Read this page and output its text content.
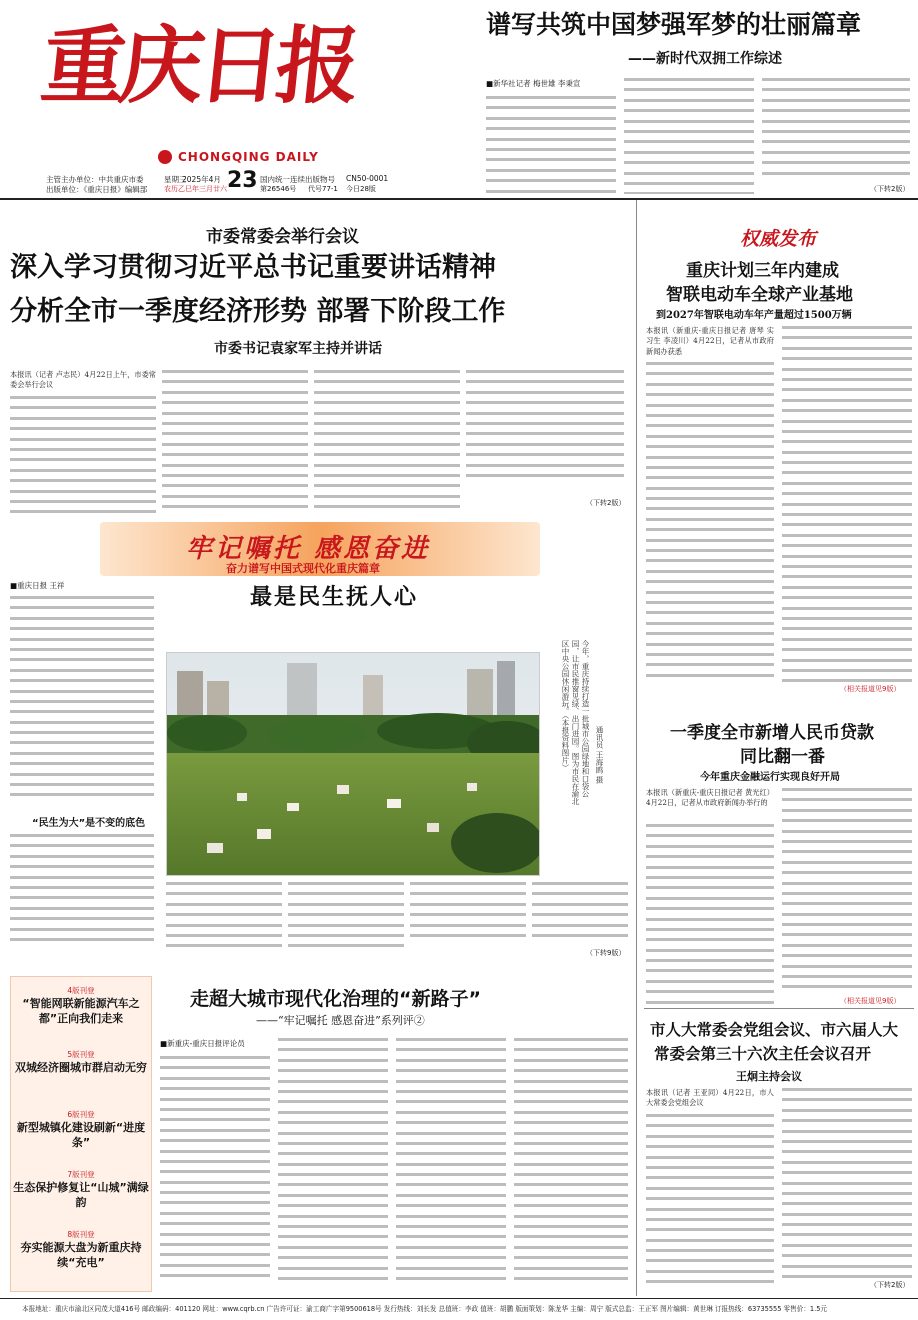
重庆日报
CHONGQING DAILY
主管主办单位：中共重庆市委
出版单位：《重庆日报》编辑部
星期三
2025年4月 23
农历乙巳年三月廿六
国内统一连续出版物号 CN50-0001
第26546号 代号77-1 今日28版
谱写共筑中国梦强军梦的壮丽篇章
——新时代双拥工作综述
■新华社记者 梅世雄 李秉宣
（下转2版）
市委常委会举行会议
深入学习贯彻习近平总书记重要讲话精神
分析全市一季度经济形势 部署下阶段工作
市委书记袁家军主持并讲话
本报讯（记者 卢志民）4月22日上午，市委常委会举行会议
（下转2版）
牢记嘱托 感恩奋进
奋力谱写中国式现代化重庆篇章
■重庆日报 王祥	最是民生抚人心
“民生为大”是不变的底色
今年，重庆持续打造一批城市公园绿地和口袋公园，让市民推窗见绿、出门进园。图为市民在渝北区中央公园休闲游玩。（本报资料图片）	通讯员 王海鸥 摄
（下转9版）
4版刊登
“智能网联新能源汽车之都”正向我们走来
5版刊登
双城经济圈城市群启动无穷
6版刊登
新型城镇化建设刷新“进度条”
7版刊登
生态保护修复让“山城”满绿韵
8版刊登
夯实能源大盘为新重庆持续“充电”
走超大城市现代化治理的“新路子”
——“牢记嘱托 感恩奋进”系列评②
■新重庆-重庆日报评论员
权威发布
重庆计划三年内建成
智联电动车全球产业基地
到2027年智联电动车年产量超过1500万辆
本报讯（新重庆-重庆日报记者 唐琴 实习生 李凌川）4月22日，记者从市政府新闻办获悉
（相关报道见9版）
一季度全市新增人民币贷款
同比翻一番
今年重庆金融运行实现良好开局
本报讯（新重庆-重庆日报记者 黄光红）4月22日，记者从市政府新闻办举行的
（相关报道见9版）
市人大常委会党组会议、市六届人大
常委会第三十六次主任会议召开
王炯主持会议
本报讯（记者 王亚同）4月22日，市人大常委会党组会议
（下转2版）
本报地址：重庆市渝北区同茂大道416号 邮政编码：401120 网址：www.cqrb.cn 广告许可证：渝工商广字第9500618号 发行热线：刘长发 总值班：李政 值班：胡鹏 版面策划：陈龙华 主编：周宁 版式总监：王正军 图片编辑：黄世琳 订报热线：63735555 零售价：1.5元
